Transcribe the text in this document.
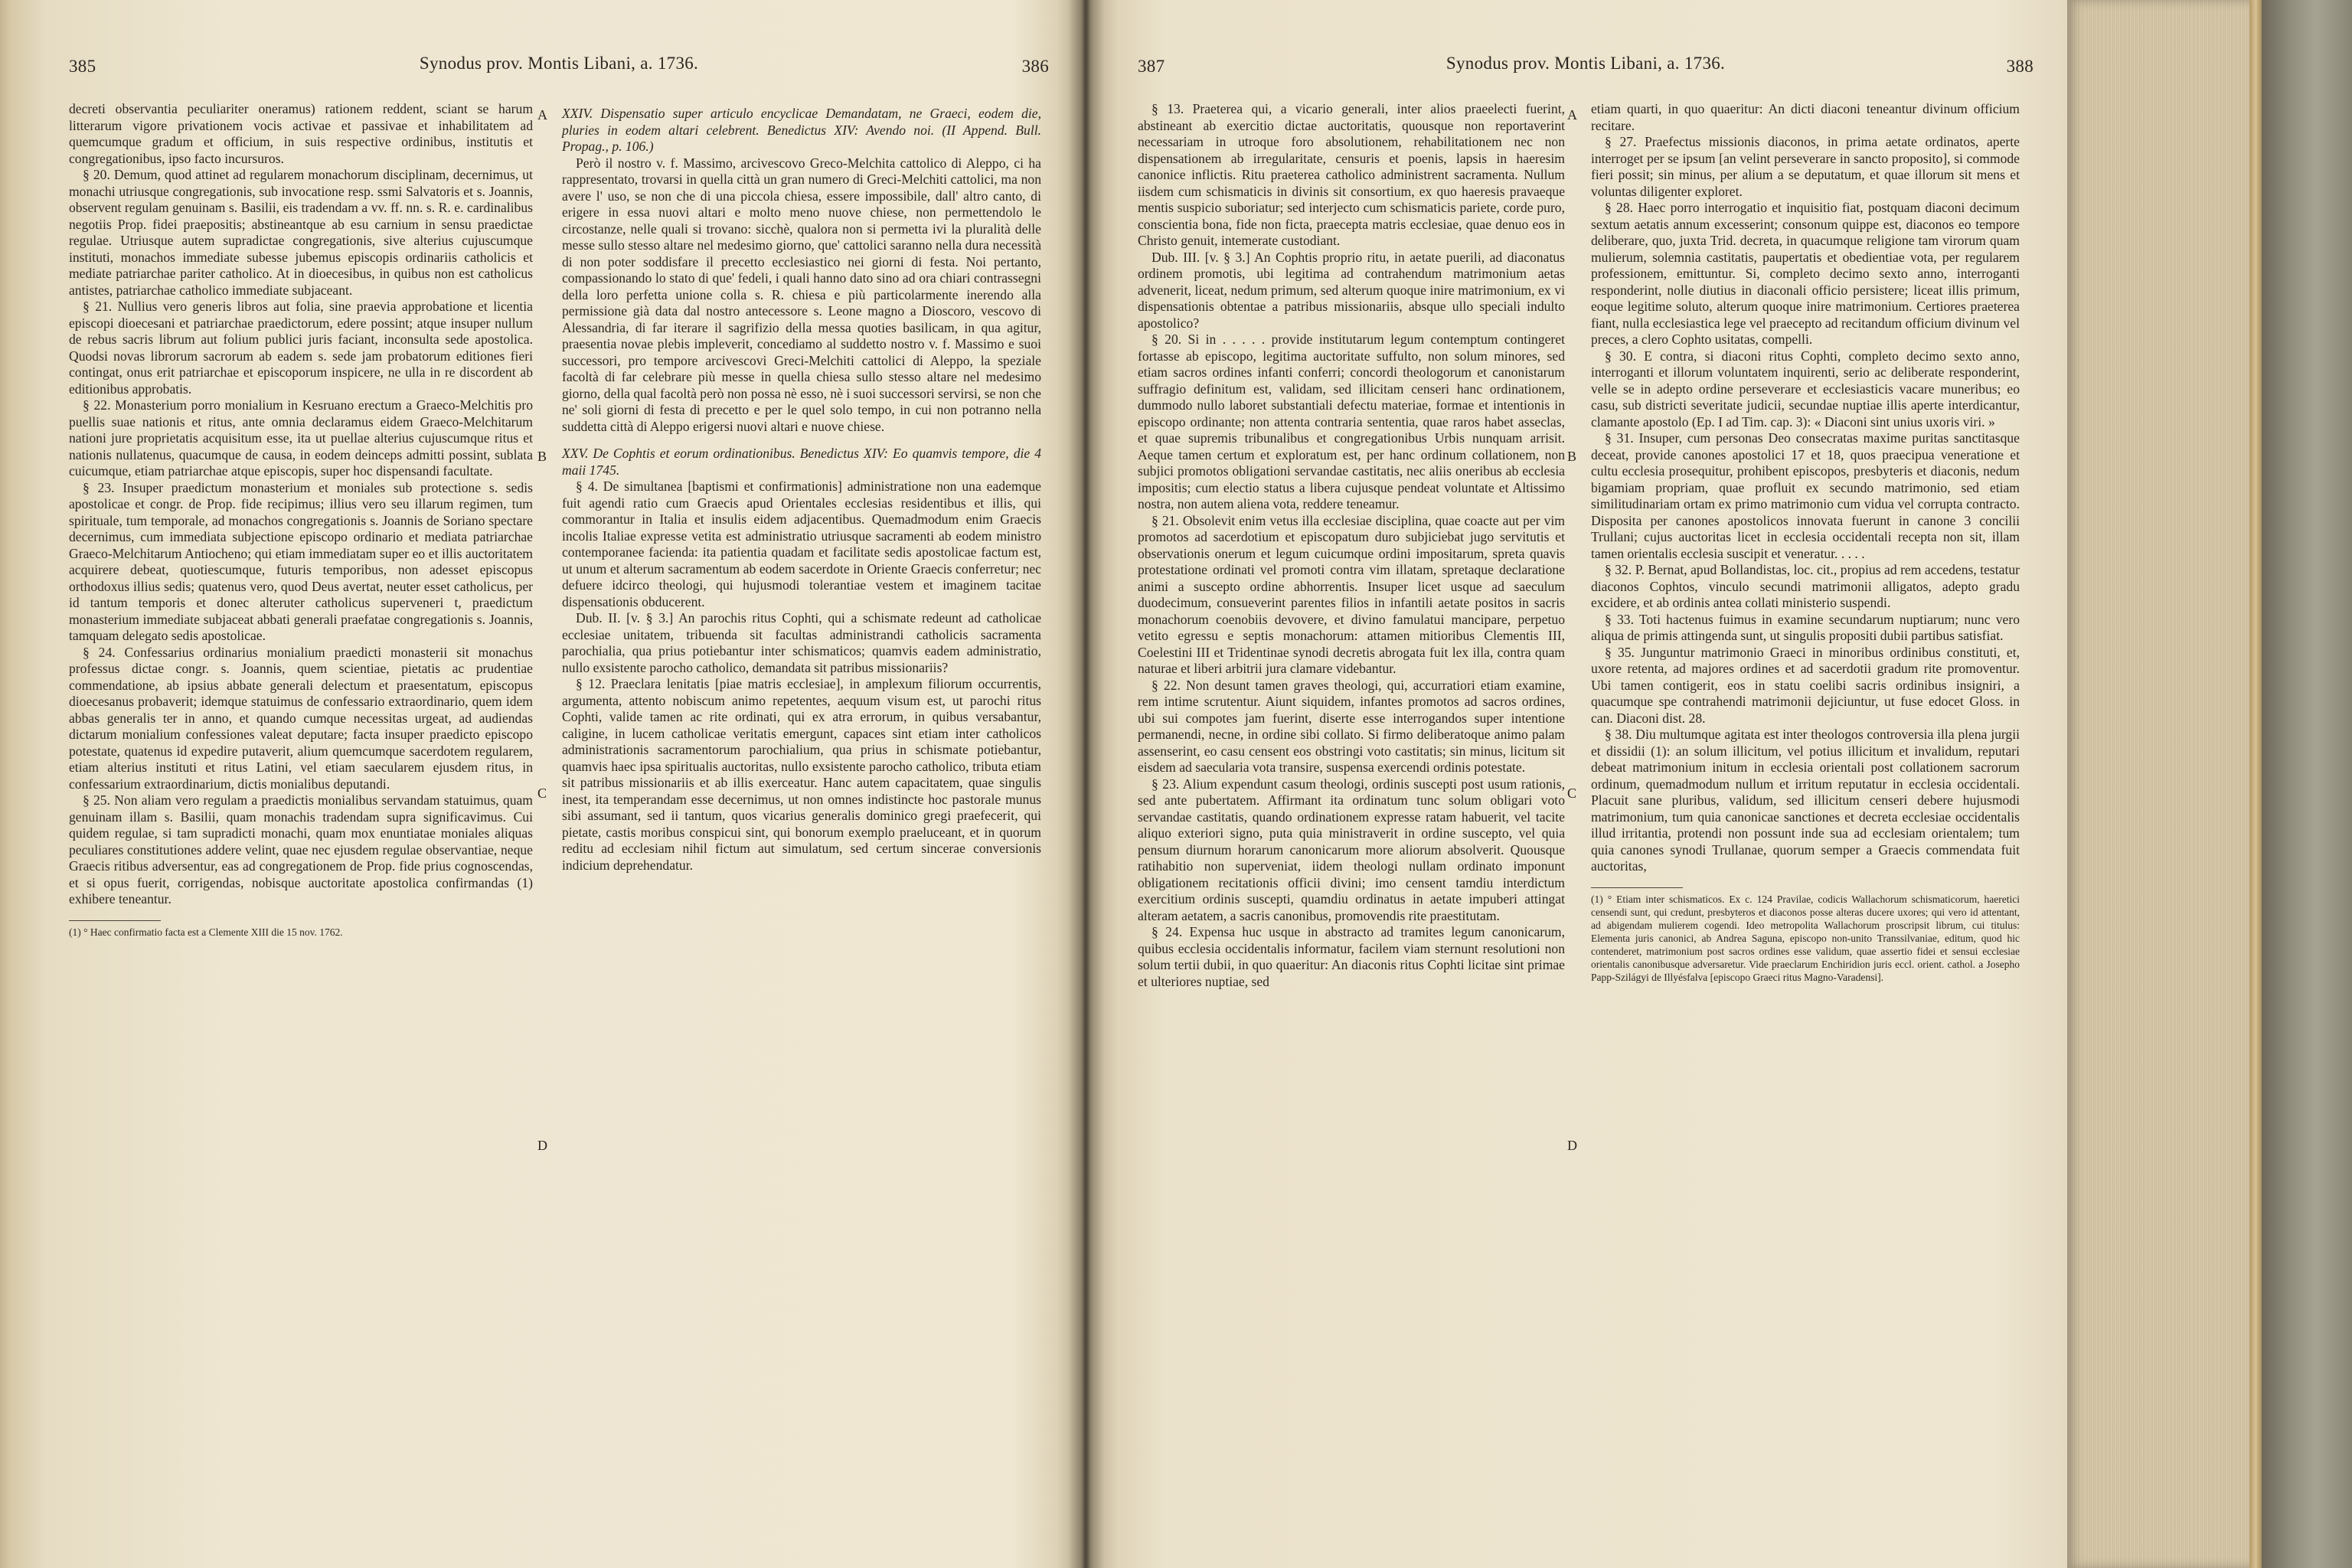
385	Synodus prov. Montis Libani, a. 1736.	386

decreti observantia peculiariter oneramus) rationem reddent, sciant se harum litterarum vigore privationem vocis activae et passivae et inhabilitatem ad quemcumque gradum et officium, in suis respective ordinibus, institutis et congregationibus, ipso facto incursuros.

§ 20. Demum, quod attinet ad regularem monachorum disciplinam, decernimus, ut monachi utriusque congregationis, sub invocatione resp. ssmi Salvatoris et s. Joannis, observent regulam genuinam s. Basilii, eis tradendam a vv. ff. nn. s. R. e. cardinalibus negotiis Prop. fidei praepositis; abstineantque ab esu carnium in sensu praedictae regulae. Utriusque autem supradictae congregationis, sive alterius cujuscumque instituti, monachos immediate subesse jubemus episcopis ordinariis catholicis et mediate patriarchae pariter catholico. At in dioecesibus, in quibus non est catholicus antistes, patriarchae catholico immediate subjaceant.

§ 21. Nullius vero generis libros aut folia, sine praevia approbatione et licentia episcopi dioecesani et patriarchae praedictorum, edere possint; atque insuper nullum de rebus sacris librum aut folium publici juris faciant, inconsulta sede apostolica. Quodsi novas librorum sacrorum ab eadem s. sede jam probatorum editiones fieri contingat, onus erit patriarchae et episcoporum inspicere, ne ulla in re discordent ab editionibus approbatis.

§ 22. Monasterium porro monialium in Kesruano erectum a Graeco-Melchitis pro puellis suae nationis et ritus, ante omnia declaramus eidem Graeco-Melchitarum nationi jure proprietatis acquisitum esse, ita ut puellae alterius cujuscumque ritus et nationis nullatenus, quacumque de causa, in eodem deinceps admitti possint, sublata cuicumque, etiam patriarchae atque episcopis, super hoc dispensandi facultate.

§ 23. Insuper praedictum monasterium et moniales sub protectione s. sedis apostolicae et congr. de Prop. fide recipimus; illius vero seu illarum regimen, tum spirituale, tum temporale, ad monachos congregationis s. Joannis de Soriano spectare decernimus, cum immediata subjectione episcopo ordinario et mediata patriarchae Graeco-Melchitarum Antiocheno; qui etiam immediatam super eo et illis auctoritatem acquirere debeat, quotiescumque, futuris temporibus, non adesset episcopus orthodoxus illius sedis; quatenus vero, quod Deus avertat, neuter esset catholicus, per id tantum temporis et donec alteruter catholicus superveneri t, praedictum monasterium immediate subjaceat abbati generali praefatae congregationis s. Joannis, tamquam delegato sedis apostolicae.

§ 24. Confessarius ordinarius monialium praedicti monasterii sit monachus professus dictae congr. s. Joannis, quem scientiae, pietatis ac prudentiae commendatione, ab ipsius abbate generali delectum et praesentatum, episcopus dioecesanus probaverit; idemque statuimus de confessario extraordinario, quem idem abbas generalis ter in anno, et quando cumque necessitas urgeat, ad audiendas dictarum monialium confessiones valeat deputare; facta insuper praedicto episcopo potestate, quatenus id expedire putaverit, alium quemcumque sacerdotem regularem, etiam alterius instituti et ritus Latini, vel etiam saecularem ejusdem ritus, in confessarium extraordinarium, dictis monialibus deputandi.

§ 25. Non aliam vero regulam a praedictis monialibus servandam statuimus, quam genuinam illam s. Basilii, quam monachis tradendam supra significavimus. Cui quidem regulae, si tam supradicti monachi, quam mox enuntiatae moniales aliquas peculiares constitutiones addere velint, quae nec ejusdem regulae observantiae, neque Graecis ritibus adversentur, eas ad congregationem de Prop. fide prius cognoscendas, et si opus fuerit, corrigendas, nobisque auctoritate apostolica confirmandas (1) exhibere teneantur.

(1) ° Haec confirmatio facta est a Clemente XIII die 15 nov. 1762.

XXIV. Dispensatio super articulo encyclicae Demandatam, ne Graeci, eodem die, pluries in eodem altari celebrent. Benedictus XIV: Avendo noi. (II Append. Bull. Propag., p. 106.)

Però il nostro v. f. Massimo, arcivescovo Greco-Melchita cattolico di Aleppo, ci ha rappresentato, trovarsi in quella città un gran numero di Greci-Melchiti cattolici, ma non avere l' uso, se non che di una piccola chiesa, essere impossibile, dall' altro canto, di erigere in essa nuovi altari e molto meno nuove chiese, non permettendolo le circostanze, nelle quali si trovano: sicchè, qualora non si permetta ivi la pluralità delle messe sullo stesso altare nel medesimo giorno, que' cattolici saranno nella dura necessità di non poter soddisfare il precetto ecclesiastico nei giorni di festa. Noi pertanto, compassionando lo stato di que' fedeli, i quali hanno dato sino ad ora chiari contrassegni della loro perfetta unione colla s. R. chiesa e più particolarmente inerendo alla permissione già data dal nostro antecessore s. Leone magno a Dioscoro, vescovo di Alessandria, di far iterare il sagrifizio della messa quoties basilicam, in qua agitur, praesentia novae plebis impleverit, concediamo al suddetto nostro v. f. Massimo e suoi successori, pro tempore arcivescovi Greci-Melchiti cattolici di Aleppo, la speziale facoltà di far celebrare più messe in quella chiesa sullo stesso altare nel medesimo giorno, della qual facoltà però non possa nè esso, nè i suoi successori servirsi, se non che ne' soli giorni di festa di precetto e per le quel solo tempo, in cui non potranno nella suddetta città di Aleppo erigersi nuovi altari e nuove chiese.

XXV. De Cophtis et eorum ordinationibus. Benedictus XIV: Eo quamvis tempore, die 4 maii 1745.

§ 4. De simultanea [baptismi et confirmationis] administratione non una eademque fuit agendi ratio cum Graecis apud Orientales ecclesias residentibus et illis, qui commorantur in Italia et insulis eidem adjacentibus. Quemadmodum enim Graecis incolis Italiae expresse vetita est administratio utriusque sacramenti ab eodem ministro contemporanee facienda: ita patientia quadam et facilitate sedis apostolicae factum est, ut unum et alterum sacramentum ab eodem sacerdote in Oriente Graecis conferretur; nec defuere idcirco theologi, qui hujusmodi tolerantiae vestem et imaginem tacitae dispensationis obducerent.

Dub. II. [v. § 3.] An parochis ritus Cophti, qui a schismate redeunt ad catholicae ecclesiae unitatem, tribuenda sit facultas administrandi catholicis sacramenta parochialia, qua prius potiebantur inter schismaticos; quamvis eadem administratio, nullo exsistente parocho catholico, demandata sit patribus missionariis?

§ 12. Praeclara lenitatis [piae matris ecclesiae], in amplexum filiorum occurrentis, argumenta, attento nobiscum animo repetentes, aequum visum est, ut parochi ritus Cophti, valide tamen ac rite ordinati, qui ex atra errorum, in quibus versabantur, caligine, in lucem catholicae veritatis emergunt, capaces sint etiam inter catholicos administrationis sacramentorum parochialium, qua prius in schismate potiebantur, quamvis haec ipsa spiritualis auctoritas, nullo exsistente parocho catholico, tributa etiam sit patribus missionariis et ab illis exerceatur. Hanc autem capacitatem, quae singulis inest, ita temperandam esse decernimus, ut non omnes indistincte hoc pastorale munus sibi assumant, sed ii tantum, quos vicarius generalis dominico gregi praefecerit, qui pietate, castis moribus conspicui sint, qui bonorum exemplo praeluceant, et in quorum reditu ad ecclesiam nihil fictum aut simulatum, sed certum sincerae conversionis indicium deprehendatur.

A
B
C
D
387	Synodus prov. Montis Libani, a. 1736.	388

§ 13. Praeterea qui, a vicario generali, inter alios praeelecti fuerint, abstineant ab exercitio dictae auctoritatis, quousque non reportaverint necessariam in utroque foro absolutionem, rehabilitationem nec non dispensationem ab irregularitate, censuris et poenis, lapsis in haeresim canonice inflictis. Ritu praeterea catholico administrent sacramenta. Nullum iisdem cum schismaticis in divinis sit consortium, ex quo haeresis pravaeque mentis suspicio suboriatur; sed interjecto cum schismaticis pariete, corde puro, conscientia bona, fide non ficta, praecepta matris ecclesiae, quae denuo eos in Christo genuit, intemerate custodiant.

Dub. III. [v. § 3.] An Cophtis proprio ritu, in aetate puerili, ad diaconatus ordinem promotis, ubi legitima ad contrahendum matrimonium aetas advenerit, liceat, nedum primum, sed alterum quoque inire matrimonium, ex vi dispensationis obtentae a patribus missionariis, absque ullo speciali indulto apostolico?

§ 20. Si in . . . . . provide institutarum legum contemptum contingeret fortasse ab episcopo, legitima auctoritate suffulto, non solum minores, sed etiam sacros ordines infanti conferri; concordi theologorum et canonistarum suffragio definitum est, validam, sed illicitam censeri hanc ordinationem, dummodo nullo laboret substantiali defectu materiae, formae et intentionis in episcopo ordinante; non attenta contraria sententia, quae raros habet asseclas, et quae supremis tribunalibus et congregationibus Urbis nunquam arrisit. Aeque tamen certum et exploratum est, per hanc ordinum collationem, non subjici promotos obligationi servandae castitatis, nec aliis oneribus ab ecclesia impositis; cum electio status a libera cujusque pendeat voluntate et Altissimo nostra, non autem aliena vota, reddere teneamur.

§ 21. Obsolevit enim vetus illa ecclesiae disciplina, quae coacte aut per vim promotos ad sacerdotium et episcopatum duro subjiciebat jugo servitutis et observationis onerum et legum cuicumque ordini impositarum, spreta quavis protestatione ordinati vel promoti contra vim illatam, spretaque declaratione animi a suscepto ordine abhorrentis. Insuper licet usque ad saeculum duodecimum, consueverint parentes filios in infantili aetate positos in sacris monachorum coenobiis devovere, et divino famulatui mancipare, perpetuo vetito egressu e septis monachorum: attamen mitioribus Clementis III, Coelestini III et Tridentinae synodi decretis abrogata fuit lex illa, contra quam naturae et liberi arbitrii jura clamare videbantur.

§ 22. Non desunt tamen graves theologi, qui, accurratiori etiam examine, rem intime scrutentur. Aiunt siquidem, infantes promotos ad sacros ordines, ubi sui compotes jam fuerint, diserte esse interrogandos super intentione permanendi, necne, in ordine sibi collato. Si firmo deliberatoque animo palam assenserint, eo casu censent eos obstringi voto castitatis; sin minus, licitum sit eisdem ad saecularia vota transire, suspensa exercendi ordinis potestate.

§ 23. Alium expendunt casum theologi, ordinis suscepti post usum rationis, sed ante pubertatem. Affirmant ita ordinatum tunc solum obligari voto servandae castitatis, quando ordinationem expresse ratam habuerit, vel tacite aliquo exteriori signo, puta quia ministraverit in ordine suscepto, vel quia pensum diurnum horarum canonicarum more aliorum absolverit. Quousque ratihabitio non superveniat, iidem theologi nullam ordinato imponunt obligationem recitationis officii divini; imo censent tamdiu interdictum exercitium ordinis suscepti, quamdiu ordinatus in aetate impuberi attingat alteram aetatem, a sacris canonibus, promovendis rite praestitutam.

§ 24. Expensa huc usque in abstracto ad tramites legum canonicarum, quibus ecclesia occidentalis informatur, facilem viam sternunt resolutioni non solum tertii dubii, in quo quaeritur: An diaconis ritus Cophti licitae sint primae et ulteriores nuptiae, sed

etiam quarti, in quo quaeritur: An dicti diaconi teneantur divinum officium recitare.

§ 27. Praefectus missionis diaconos, in prima aetate ordinatos, aperte interroget per se ipsum [an velint perseverare in sancto proposito], si commode fieri possit; sin minus, per alium a se deputatum, et quae illorum sit mens et voluntas diligenter exploret.

§ 28. Haec porro interrogatio et inquisitio fiat, postquam diaconi decimum sextum aetatis annum excesserint; consonum quippe est, diaconos eo tempore deliberare, quo, juxta Trid. decreta, in quacumque religione tam virorum quam mulierum, solemnia castitatis, paupertatis et obedientiae vota, per regularem professionem, emittuntur. Si, completo decimo sexto anno, interroganti responderint, nolle diutius in diaconali officio persistere; liceat illis primum, eoque legitime soluto, alterum quoque inire matrimonium. Certiores praeterea fiant, nulla ecclesiastica lege vel praecepto ad recitandum officium divinum vel preces, a clero Cophto usitatas, compelli.

§ 30. E contra, si diaconi ritus Cophti, completo decimo sexto anno, interroganti et illorum voluntatem inquirenti, serio ac deliberate responderint, velle se in adepto ordine perseverare et ecclesiasticis vacare muneribus; eo casu, sub districti severitate judicii, secundae nuptiae illis aperte interdicantur, clamante apostolo (Ep. I ad Tim. cap. 3): « Diaconi sint unius uxoris viri. »

§ 31. Insuper, cum personas Deo consecratas maxime puritas sanctitasque deceat, provide canones apostolici 17 et 18, quos praecipua veneratione et cultu ecclesia prosequitur, prohibent episcopos, presbyteris et diaconis, nedum bigamiam propriam, quae profluit ex secundo matrimonio, sed etiam similitudinariam ortam ex primo matrimonio cum vidua vel corrupta contracto. Disposita per canones apostolicos innovata fuerunt in canone 3 concilii Trullani; cujus auctoritas licet in ecclesia occidentali recepta non sit, illam tamen orientalis ecclesia suscipit et veneratur. . . . .

§ 32. P. Bernat, apud Bollandistas, loc. cit., propius ad rem accedens, testatur diaconos Cophtos, vinculo secundi matrimonii alligatos, adepto gradu excidere, et ab ordinis antea collati ministerio suspendi.

§ 33. Toti hactenus fuimus in examine secundarum nuptiarum; nunc vero aliqua de primis attingenda sunt, ut singulis propositi dubii partibus satisfiat.

§ 35. Junguntur matrimonio Graeci in minoribus ordinibus constituti, et, uxore retenta, ad majores ordines et ad sacerdotii gradum rite promoventur. Ubi tamen contigerit, eos in statu coelibi sacris ordinibus insigniri, a quacumque spe contrahendi matrimonii dejiciuntur, ut fuse edocet Gloss. in can. Diaconi dist. 28.

§ 38. Diu multumque agitata est inter theologos controversia illa plena jurgii et dissidii (1): an solum illicitum, vel potius illicitum et invalidum, reputari debeat matrimonium initum in ecclesia orientali post collationem sacrorum ordinum, quemadmodum nullum et irritum reputatur in ecclesia occidentali. Placuit sane pluribus, validum, sed illicitum censeri debere hujusmodi matrimonium, tum quia canonicae sanctiones et decreta ecclesiae occidentalis illud irritantia, protendi non possunt inde sua ad ecclesiam orientalem; tum quia canones synodi Trullanae, quorum semper a Graecis commendata fuit auctoritas,

(1) ° Etiam inter schismaticos. Ex c. 124 Pravilae, codicis Wallachorum schismaticorum, haeretici censendi sunt, qui credunt, presbyteros et diaconos posse alteras ducere uxores; qui vero id attentant, ad abigendam mulierem cogendi. Ideo metropolita Wallachorum proscripsit librum, cui titulus: Elementa juris canonici, ab Andrea Saguna, episcopo non-unito Transsilvaniae, editum, quod hic contenderet, matrimonium post sacros ordines esse validum, quae assertio fidei et sensui ecclesiae orientalis canonibusque adversaretur. Vide praeclarum Enchiridion juris eccl. orient. cathol. a Josepho Papp-Szilágyi de Illyésfalva [episcopo Graeci ritus Magno-Varadensi].

A
B
C
D
